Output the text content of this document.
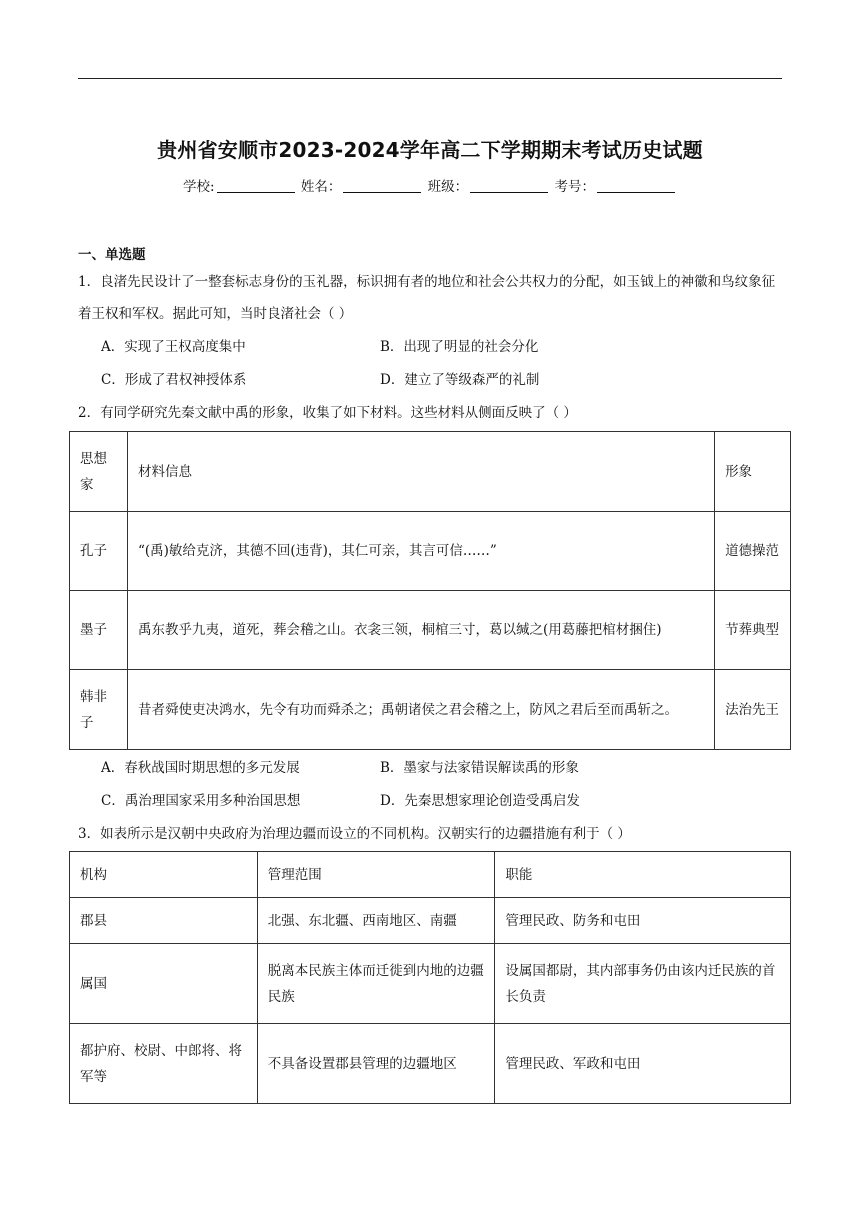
贵州省安顺市2023-2024学年高二下学期期末考试历史试题
学校:	姓名：	班级：	考号：
一、单选题
1．良渚先民设计了一整套标志身份的玉礼器，标识拥有者的地位和社会公共权力的分配，如玉钺上的神徽和鸟纹象征着王权和军权。据此可知，当时良渚社会（ ）
A．实现了王权高度集中	B．出现了明显的社会分化
C．形成了君权神授体系	D．建立了等级森严的礼制
2．有同学研究先秦文献中禹的形象，收集了如下材料。这些材料从侧面反映了（ ）
思想家	材料信息	形象
孔子	“(禹)敏给克济，其德不回(违背)，其仁可亲，其言可信……”	道德操范
墨子	禹东教乎九夷，道死，葬会稽之山。衣衾三领，桐棺三寸，葛以缄之(用葛藤把棺材捆住)	节葬典型
韩非子	昔者舜使吏决鸿水，先令有功而舜杀之；禹朝诸侯之君会稽之上，防风之君后至而禹斩之。	法治先王
A．春秋战国时期思想的多元发展	B．墨家与法家错误解读禹的形象
C．禹治理国家采用多种治国思想	D．先秦思想家理论创造受禹启发
3．如表所示是汉朝中央政府为治理边疆而设立的不同机构。汉朝实行的边疆措施有利于（ ）
机构	管理范围	职能
郡县	北强、东北疆、西南地区、南疆	管理民政、防务和屯田
属国	脱离本民族主体而迁徙到内地的边疆民族	设属国都尉，其内部事务仍由该内迁民族的首长负责
都护府、校尉、中郎将、将军等	不具备设置郡县管理的边疆地区	管理民政、军政和屯田
